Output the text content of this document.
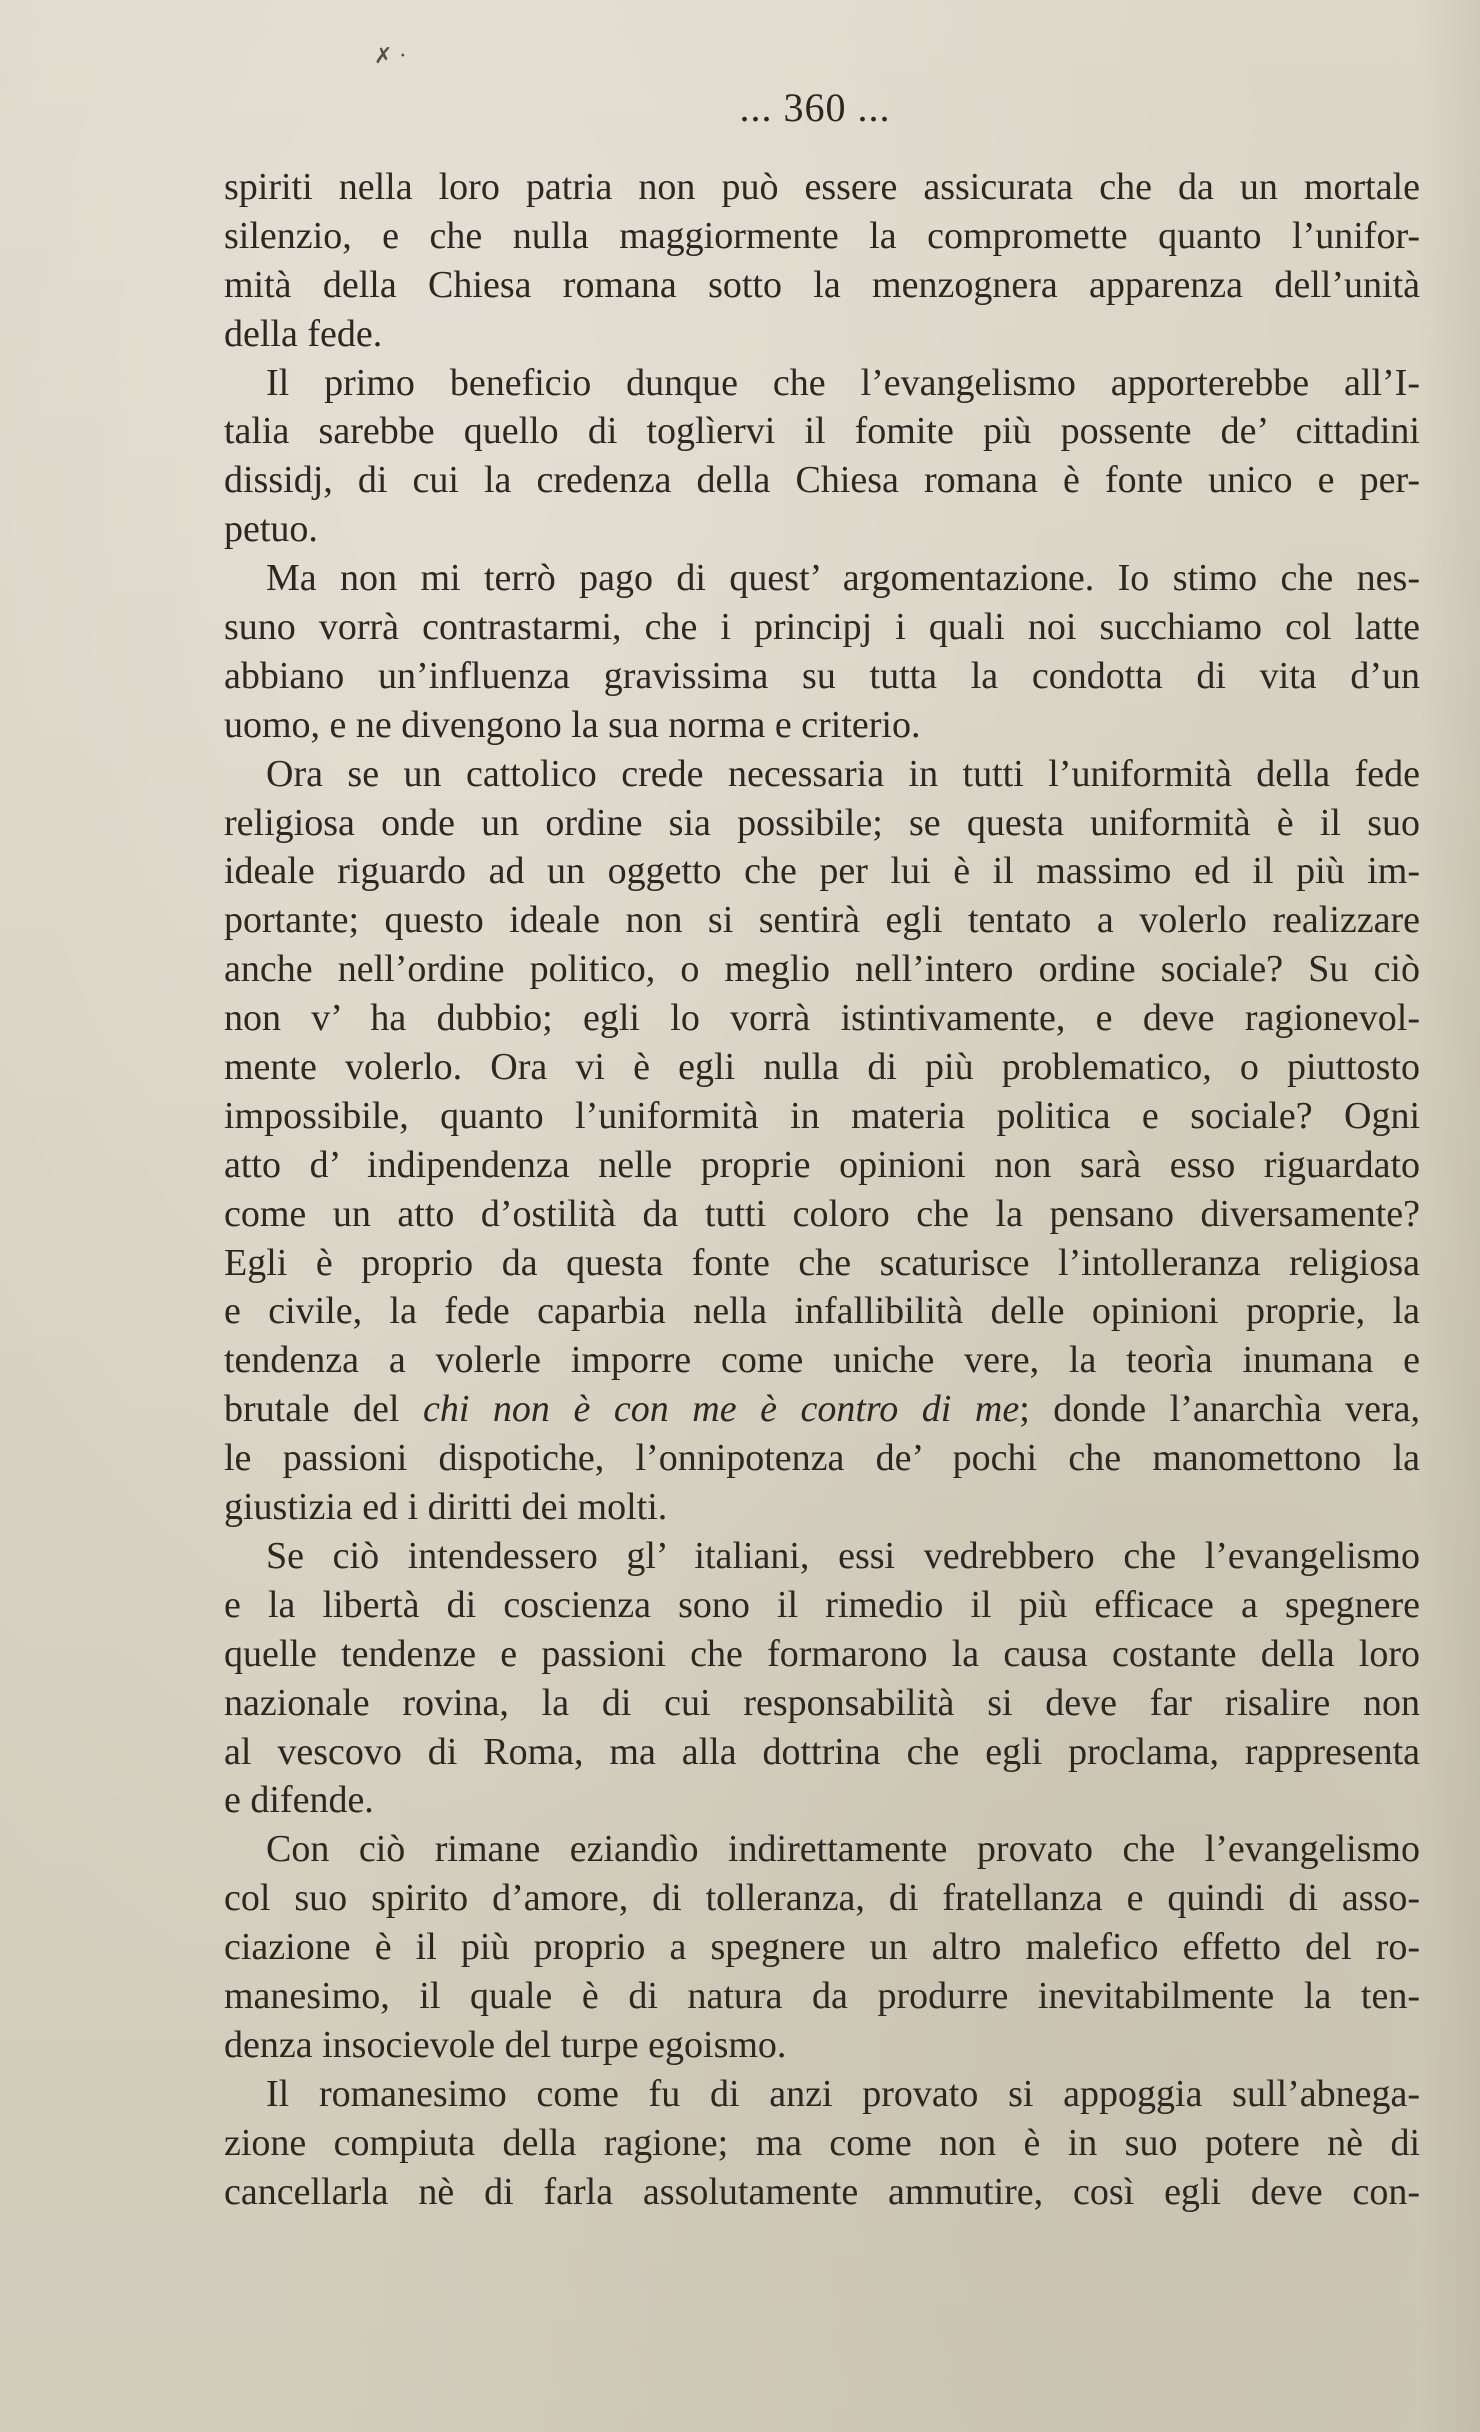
✗ ·
... 360 ...
spiriti nella loro patria non può essere assicurata che da un mortale
silenzio, e che nulla maggiormente la compromette quanto l’unifor-
mità della Chiesa romana sotto la menzognera apparenza dell’unità
della fede.
Il primo beneficio dunque che l’evangelismo apporterebbe all’I-
talia sarebbe quello di toglìervi il fomite più possente de’ cittadini
dissidj, di cui la credenza della Chiesa romana è fonte unico e per-
petuo.
Ma non mi terrò pago di quest’ argomentazione. Io stimo che nes-
suno vorrà contrastarmi, che i principj i quali noi succhiamo col latte
abbiano un’influenza gravissima su tutta la condotta di vita d’un
uomo, e ne divengono la sua norma e criterio.
Ora se un cattolico crede necessaria in tutti l’uniformità della fede
religiosa onde un ordine sia possibile; se questa uniformità è il suo
ideale riguardo ad un oggetto che per lui è il massimo ed il più im-
portante; questo ideale non si sentirà egli tentato a volerlo realizzare
anche nell’ordine politico, o meglio nell’intero ordine sociale? Su ciò
non v’ ha dubbio; egli lo vorrà istintivamente, e deve ragionevol-
mente volerlo. Ora vi è egli nulla di più problematico, o piuttosto
impossibile, quanto l’uniformità in materia politica e sociale? Ogni
atto d’ indipendenza nelle proprie opinioni non sarà esso riguardato
come un atto d’ostilità da tutti coloro che la pensano diversamente?
Egli è proprio da questa fonte che scaturisce l’intolleranza religiosa
e civile, la fede caparbia nella infallibilità delle opinioni proprie, la
tendenza a volerle imporre come uniche vere, la teorìa inumana e
brutale del chi non è con me è contro di me; donde l’anarchìa vera,
le passioni dispotiche, l’onnipotenza de’ pochi che manomettono la
giustizia ed i diritti dei molti.
Se ciò intendessero gl’ italiani, essi vedrebbero che l’evangelismo
e la libertà di coscienza sono il rimedio il più efficace a spegnere
quelle tendenze e passioni che formarono la causa costante della loro
nazionale rovina, la di cui responsabilità si deve far risalire non
al vescovo di Roma, ma alla dottrina che egli proclama, rappresenta
e difende.
Con ciò rimane eziandìo indirettamente provato che l’evangelismo
col suo spirito d’amore, di tolleranza, di fratellanza e quindi di asso-
ciazione è il più proprio a spegnere un altro malefico effetto del ro-
manesimo, il quale è di natura da produrre inevitabilmente la ten-
denza insocievole del turpe egoismo.
Il romanesimo come fu di anzi provato si appoggia sull’abnega-
zione compiuta della ragione; ma come non è in suo potere nè di
cancellarla nè di farla assolutamente ammutire, così egli deve con-
